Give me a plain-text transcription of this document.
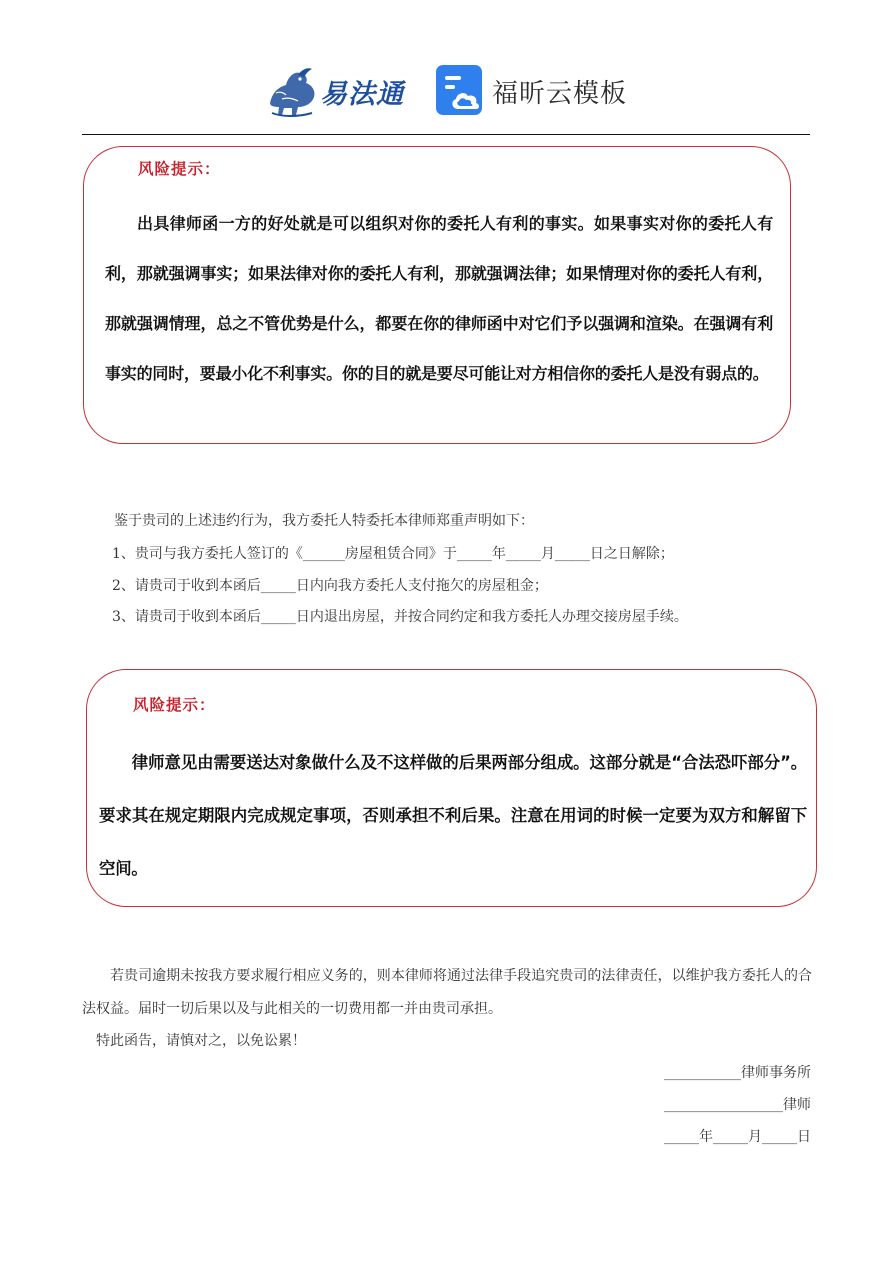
易法通	福昕云模板
风险提示：
出具律师函一方的好处就是可以组织对你的委托人有利的事实。如果事实对你的委托人有利，那就强调事实；如果法律对你的委托人有利，那就强调法律；如果情理对你的委托人有利，那就强调情理，总之不管优势是什么，都要在你的律师函中对它们予以强调和渲染。在强调有利事实的同时，要最小化不利事实。你的目的就是要尽可能让对方相信你的委托人是没有弱点的。
鉴于贵司的上述违约行为，我方委托人特委托本律师郑重声明如下：
1、贵司与我方委托人签订的《______房屋租赁合同》于_____年_____月_____日之日解除；
2、请贵司于收到本函后_____日内向我方委托人支付拖欠的房屋租金；
3、请贵司于收到本函后_____日内退出房屋，并按合同约定和我方委托人办理交接房屋手续。
风险提示：
律师意见由需要送达对象做什么及不这样做的后果两部分组成。这部分就是“合法恐吓部分”。要求其在规定期限内完成规定事项，否则承担不利后果。注意在用词的时候一定要为双方和解留下空间。
若贵司逾期未按我方要求履行相应义务的，则本律师将通过法律手段追究贵司的法律责任，以维护我方委托人的合法权益。届时一切后果以及与此相关的一切费用都一并由贵司承担。
特此函告，请慎对之，以免讼累！
___________律师事务所
_________________律师
_____年_____月_____日
